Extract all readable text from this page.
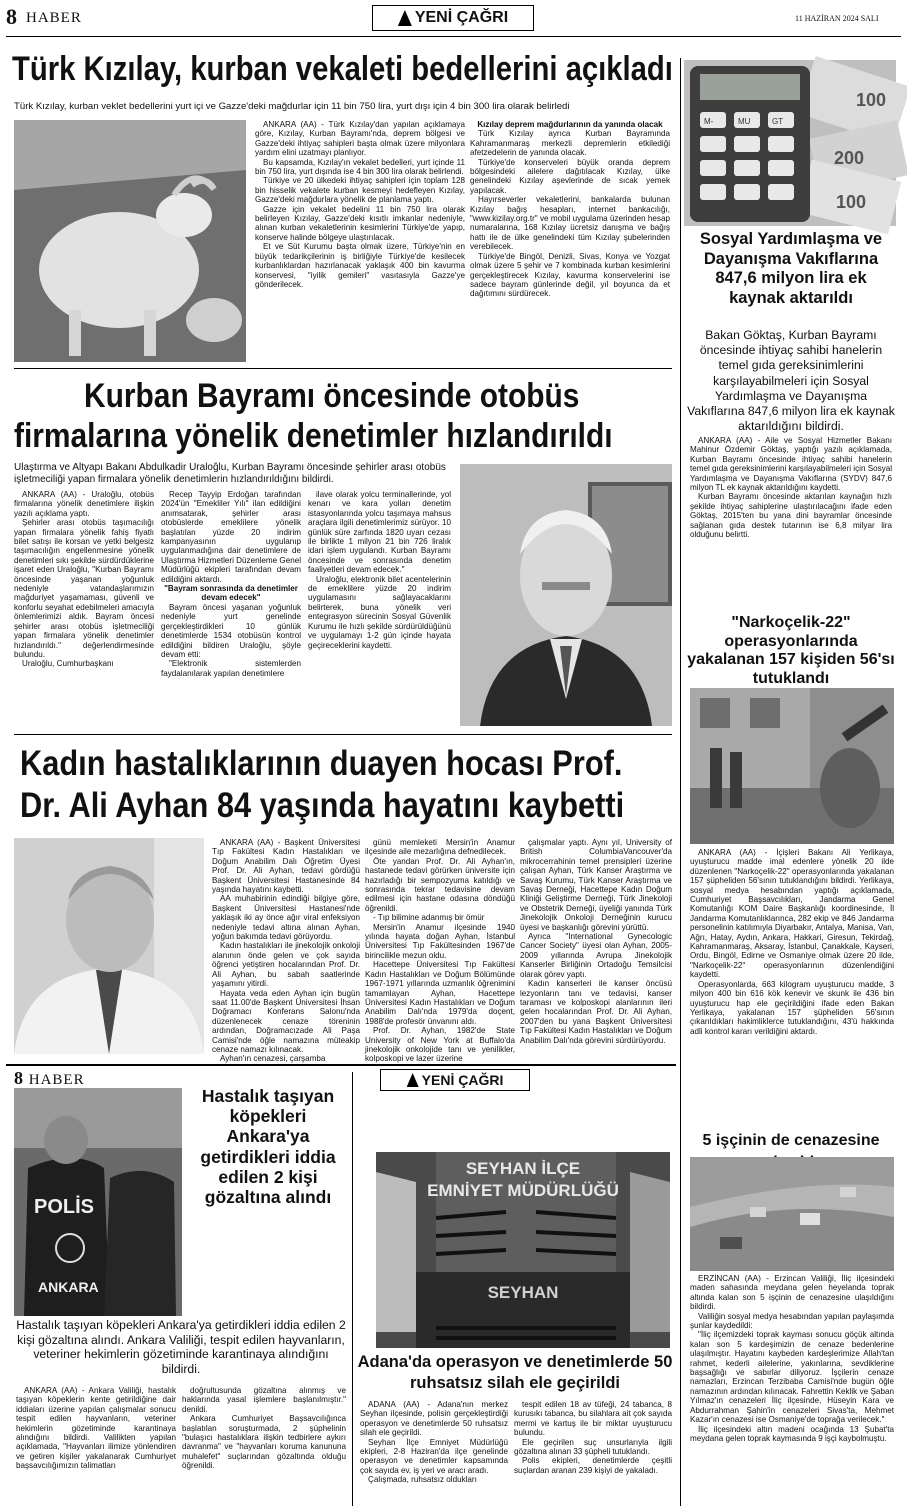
8 HABER	YENİ ÇAĞRI	11 HAZİRAN 2024 SALI
Türk Kızılay, kurban vekaleti bedellerini açıkladı
Türk Kızılay, kurban veklet bedellerini yurt içi ve Gazze'deki mağdurlar için 11 bin 750 lira, yurt dışı için 4 bin 300 lira olarak belirledi

ANKARA (AA) - Türk Kızılay'dan yapılan açıklamaya göre, Kızılay, Kurban Bayramı'nda, deprem bölgesi ve Gazze'deki ihtiyaç sahipleri başta olmak üzere milyonlara yardım elini uzatmayı planlıyor.

Bu kapsamda, Kızılay'ın vekalet bedelleri, yurt içinde 11 bin 750 lira, yurt dışında ise 4 bin 300 lira olarak belirlendi.

Türkiye ve 20 ülkedeki ihtiyaç sahipleri için toplam 128 bin hisselik vekalete kurban kesmeyi hedefleyen Kızılay, Gazze'deki mağdurlara yönelik de planlama yaptı.

Gazze için vekalet bedelini 11 bin 750 lira olarak belirleyen Kızılay, Gazze'deki kısıtlı imkanlar nedeniyle, alınan kurban vekaletlerinin kesimlerini Türkiye'de yapıp, konserve halinde bölgeye ulaştırılacak.

Et ve Süt Kurumu başta olmak üzere, Türkiye'nin en büyük tedarikçilerinin iş birliğiyle Türkiye'de kesilecek kurbanlıklardan hazırlanacak yaklaşık 400 bin kavurma konservesi, "iyilik gemileri" vasıtasıyla Gazze'ye gönderilecek.

Kızılay deprem mağdurlarının da yanında olacak

Türk Kızılay ayrıca Kurban Bayramında Kahramanmaraş merkezli depremlerin etkilediği afetzedelerin de yanında olacak.

Türkiye'de konserveleri büyük oranda deprem bölgesindeki ailelere dağıtılacak Kızılay, ülke genelindeki Kızılay aşevlerinde de sıcak yemek yapılacak.

Hayırseverler vekaletlerini, bankalarda bulunan Kızılay bağış hesapları, internet bankacılığı, "www.kizilay.org.tr" ve mobil uygulama üzerinden hesap numaralarına, 168 Kızılay ücretsiz danışma ve bağış hattı ile de ülke genelindeki tüm Kızılay şubelerinden verebilecek.

Türkiye'de Bingöl, Denizli, Sivas, Konya ve Yozgat olmak üzere 5 şehir ve 7 kombinada kurban kesimlerini gerçekleştirecek Kızılay, kavurma konservelerini ise sadece bayram günlerinde değil, yıl boyunca da et dağıtımını sürdürecek.

Kurban Bayramı öncesinde otobüs
firmalarına yönelik denetimler hızlandırıldı
Ulaştırma ve Altyapı Bakanı Abdulkadir Uraloğlu, Kurban Bayramı öncesinde şehirler arası otobüs işletmeciliği yapan firmalara yönelik denetimlerin hızlandırıldığını bildirdi.

ANKARA (AA) - Uraloğlu, otobüs firmalarına yönelik denetimlere ilişkin yazılı açıklama yaptı.

Şehirler arası otobüs taşımacılığı yapan firmalara yönelik fahiş fiyatlı bilet satışı ile korsan ve yetki belgesiz taşımacılığın engellenmesine yönelik denetimleri sıkı şekilde sürdürdüklerine işaret eden Uraloğlu, "Kurban Bayramı öncesinde yaşanan yoğunluk nedeniyle vatandaşlarımızın mağduriyet yaşamaması, güvenli ve konforlu seyahat edebilmeleri amacıyla önlemlerimizi aldık. Bayram öncesi şehirler arası otobüs işletmeciliği yapan firmalara yönelik denetimler hızlandırıldı." değerlendirmesinde bulundu.

Uraloğlu, Cumhurbaşkanı

Recep Tayyip Erdoğan tarafından 2024'ün "Emekliler Yılı" ilan edildiğini anımsatarak, şehirler arası otobüslerde emeklilere yönelik başlatılan yüzde 20 indirim kampanyasının uygulanıp uygulanmadığına dair denetimlere de Ulaştırma Hizmetleri Düzenleme Genel Müdürlüğü ekipleri tarafından devam edildiğini aktardı.

"Bayram sonrasında da denetimler devam edecek"

Bayram öncesi yaşanan yoğunluk nedeniyle yurt genelinde gerçekleştirdikleri 10 günlük denetimlerde 1534 otobüsün kontrol edildiğini bildiren Uraloğlu, şöyle devam etti:

"Elektronik sistemlerden faydalanılarak yapılan denetimlere

ilave olarak yolcu terminallerinde, yol kenarı ve kara yolları denetim istasyonlarında yolcu taşımaya mahsus araçlara ilgili denetimlerimiz sürüyor. 10 günlük süre zarfında 1820 uyarı cezası ile birlikte 1 milyon 21 bin 726 liralık idari işlem uygulandı. Kurban Bayramı öncesinde ve sonrasında denetim faaliyetleri devam edecek."

Uraloğlu, elektronik bilet acentelerinin de emeklilere yüzde 20 indirim uygulamasını sağlayacaklarını belirterek, buna yönelik veri entegrasyon sürecinin Sosyal Güvenlik Kurumu ile hızlı şekilde sürdürüldüğünü ve uygulamayı 1-2 gün içinde hayata geçireceklerini kaydetti.

Kadın hastalıklarının duayen hocası Prof.
Dr. Ali Ayhan 84 yaşında hayatını kaybetti

ANKARA (AA) - Başkent Üniversitesi Tıp Fakültesi Kadın Hastalıkları ve Doğum Anabilim Dalı Öğretim Üyesi Prof. Dr. Ali Ayhan, tedavi gördüğü Başkent Üniversitesi Hastanesinde 84 yaşında hayatını kaybetti.

AA muhabirinin edindiği bilgiye göre, Başkent Üniversitesi Hastanesi'nde yaklaşık iki ay önce ağır viral enfeksiyon nedeniyle tedavi altına alınan Ayhan, yoğun bakımda tedavi görüyordu.

Kadın hastalıkları ile jinekolojik onkoloji alanının önde gelen ve çok sayıda öğrenci yetiştiren hocalarından Prof. Dr. Ali Ayhan, bu sabah saatlerinde yaşamını yitirdi.

Hayata veda eden Ayhan için bugün saat 11.00'de Başkent Üniversitesi İhsan Doğramacı Konferans Salonu'nda düzenlenecek cenaze töreninin ardından, Doğramacızade Ali Paşa Camisi'nde öğle namazına müteakip cenaze namazı kılınacak.

Ayhan'ın cenazesi, çarşamba

günü memleketi Mersin'in Anamur ilçesinde aile mezarlığına defnedilecek.

Öte yandan Prof. Dr. Ali Ayhan'ın, hastanede tedavi görürken üniversite için hazırladığı bir sempozyuma katıldığı ve sonrasında tekrar tedavisine devam edilmesi için hastane odasına döndüğü öğrenildi.

- Tıp bilimine adanmış bir ömür

Mersin'in Anamur ilçesinde 1940 yılında hayata doğan Ayhan, İstanbul Üniversitesi Tıp Fakültesinden 1967'de birincilikle mezun oldu.

Hacettepe Üniversitesi Tıp Fakültesi Kadın Hastalıkları ve Doğum Bölümünde 1967-1971 yıllarında uzmanlık öğrenimini tamamlayan Ayhan, Hacettepe Üniversitesi Kadın Hastalıkları ve Doğum Anabilim Dalı'nda 1979'da doçent, 1988'de profesör ünvanını aldı.

Prof. Dr. Ayhan, 1982'de State University of New York at Buffalo'da jinekolojik onkolojide tanı ve yenilikler, kolposkopi ve lazer üzerine

çalışmalar yaptı. Aynı yıl, University of British ColumbiaVancouver'da mikrocerrahinin temel prensipleri üzerine çalışan Ayhan, Türk Kanser Araştırma ve Savaş Kurumu, Türk Kanser Araştırma ve Savaş Derneği, Hacettepe Kadın Doğum Kliniği Geliştirme Derneği, Türk Jinekoloji ve Obstetrik Derneği, üyeliği yanında Türk Jinekolojik Onkoloji Derneğinin kurucu üyesi ve başkanlığı görevini yürüttü.

Ayrıca "International Gynecologic Cancer Society" üyesi olan Ayhan, 2005-2009 yıllarında Avrupa Jinekolojik Kanserler Birliğinin Ortadoğu Temsilcisi olarak görev yaptı.

Kadın kanserleri ile kanser öncüsü lezyonların tanı ve tedavisi, kanser taraması ve kolposkopi alanlarının ileri gelen hocalarından Prof. Dr. Ali Ayhan, 2007'den bu yana Başkent Üniversitesi Tıp Fakültesi Kadın Hastalıkları ve Doğum Anabilim Dalı'nda görevini sürdürüyordu.

100
200
100
M-	MU	GT
Sosyal Yardımlaşma ve Dayanışma Vakıflarına 847,6 milyon lira ek kaynak aktarıldı
Bakan Göktaş, Kurban Bayramı öncesinde ihtiyaç sahibi hanelerin temel gıda gereksinimlerini karşılayabilmeleri için Sosyal Yardımlaşma ve Dayanışma Vakıflarına 847,6 milyon lira ek kaynak aktarıldığını bildirdi.

ANKARA (AA) - Aile ve Sosyal Hizmetler Bakanı Mahinur Özdemir Göktaş, yaptığı yazılı açıklamada, Kurban Bayramı öncesinde ihtiyaç sahibi hanelerin temel gıda gereksinimlerini karşılayabilmeleri için Sosyal Yardımlaşma ve Dayanışma Vakıflarına (SYDV) 847,6 milyon TL ek kaynak aktarıldığını kaydetti.

Kurban Bayramı öncesinde aktarılan kaynağın hızlı şekilde ihtiyaç sahiplerine ulaştırılacağını ifade eden Göktaş, 2015'ten bu yana dini bayramlar öncesinde sağlanan gıda destek tutarının ise 6,8 milyar lira olduğunu belirtti.

"Narkoçelik-22" operasyonlarında yakalanan 157 kişiden 56'sı tutuklandı

ANKARA (AA) - İçişleri Bakanı Ali Yerlikaya, uyuşturucu madde imal edenlere yönelik 20 ilde düzenlenen "Narkoçelik-22" operasyonlarında yakalanan 157 şüpheliden 56'sının tutuklandığını bildirdi. Yerlikaya, sosyal medya hesabından yaptığı açıklamada, Cumhuriyet Başsavcılıkları, Jandarma Genel Komutanlığı KOM Daire Başkanlığı koordinesinde, İl Jandarma Komutanlıklarınca, 282 ekip ve 846 Jandarma personelinin katılımıyla Diyarbakır, Antalya, Manisa, Van, Ağrı, Hatay, Aydın, Ankara, Hakkari, Giresun, Tekirdağ, Kahramanmaraş, Aksaray, İstanbul, Çanakkale, Kayseri, Ordu, Bingöl, Edirne ve Osmaniye olmak üzere 20 ilde, "Narkoçelik-22" operasyonlarının düzenlendiğini kaydetti.

Operasyonlarda, 663 kilogram uyuşturucu madde, 3 milyon 400 bin 616 kök kenevir ve skunk ile 436 bin uyuşturucu hap ele geçirildiğini ifade eden Bakan Yerlikaya, yakalanan 157 şüpheliden 56'sının çıkarıldıkları hakimliklerce tutuklandığını, 43'ü hakkında adli kontrol kararı verildiğini aktardı.

5 işçinin de cenazesine

ERZİNCAN (AA) - Erzincan Valiliği, İliç ilçesindeki maden sahasında meydana gelen heyelanda toprak altında kalan son 5 işçinin de cenazesine ulaşıldığını bildirdi.

Valiliğin sosyal medya hesabından yapılan paylaşımda şunlar kaydedildi:

"İliç ilçemizdeki toprak kayması sonucu göçük altında kalan son 5 kardeşimizin de cenaze bedenlerine ulaşılmıştır. Hayatını kaybeden kardeşlerimize Allah'tan rahmet, kederli ailelerine, yakınlarına, sevdiklerine başsağlığı ve sabırlar diliyoruz. İşçilerin cenaze namazları, Erzincan Terzibaba Camisi'nde bugün öğle namazının ardından kılınacak. Fahrettin Keklik ve Şaban Yılmaz'ın cenazeleri İliç ilçesinde, Hüseyin Kara ve Abdurrahman Şahin'in cenazeleri Sivas'ta, Mehmet Kazar'ın cenazesi ise Osmaniye'de toprağa verilecek."

İliç ilçesindeki altın madeni ocağında 13 Şubat'ta meydana gelen toprak kaymasında 9 işçi kaybolmuştu.

8 HABER
POLİS
ANKARA
Hastalık taşıyan köpekleri Ankara'ya getirdikleri iddia edilen 2 kişi gözaltına alındı
Hastalık taşıyan köpekleri Ankara'ya getirdikleri iddia edilen 2 kişi gözaltına alındı. Ankara Valiliği, tespit edilen hayvanların, veteriner hekimlerin gözetiminde karantinaya alındığını bildirdi.

ANKARA (AA) - Ankara Valiliği, hastalık taşıyan köpeklerin kente getirildiğine dair iddiaları üzerine yapılan çalışmalar sonucu tespit edilen hayvanların, veteriner hekimlerin gözetiminde karantinaya alındığını bildirdi. Valilikten yapılan açıklamada, "Hayvanları ilimize yönlendiren ve getiren kişiler yakalanarak Cumhuriyet başsavcılığımızın talimatları

doğrultusunda gözaltına alınmış ve haklarında yasal işlemlere başlanılmıştır." denildi.

Ankara Cumhuriyet Başsavcılığınca başlatılan soruşturmada, 2 şüphelinin "bulaşıcı hastalıklara ilişkin tedbirlere aykırı davranma" ve "hayvanları koruma kanununa muhalefet" suçlarından gözaltında olduğu öğrenildi.

YENİ ÇAĞRI
SEYHAN İLÇE
EMNİYET MÜDÜRLÜĞÜ
SEYHAN
Adana'da operasyon ve denetimlerde 50 ruhsatsız silah ele geçirildi

ADANA (AA) - Adana'nın merkez Seyhan ilçesinde, polisin gerçekleştirdiği operasyon ve denetimlerde 50 ruhsatsız silah ele geçirildi.

Seyhan İlçe Emniyet Müdürlüğü ekipleri, 2-8 Haziran'da ilçe genelinde operasyon ve denetimler kapsamında çok sayıda ev, iş yeri ve aracı aradı.

Çalışmada, ruhsatsız oldukları

tespit edilen 18 av tüfeği, 24 tabanca, 8 kurusıkı tabanca, bu silahlara ait çok sayıda mermi ve kartuş ile bir miktar uyuşturucu bulundu.

Ele geçirilen suç unsurlarıyla ilgili gözaltına alınan 33 şüpheli tutuklandı.

Polis ekipleri, denetimlerde çeşitli suçlardan aranan 239 kişiyi de yakaladı.
